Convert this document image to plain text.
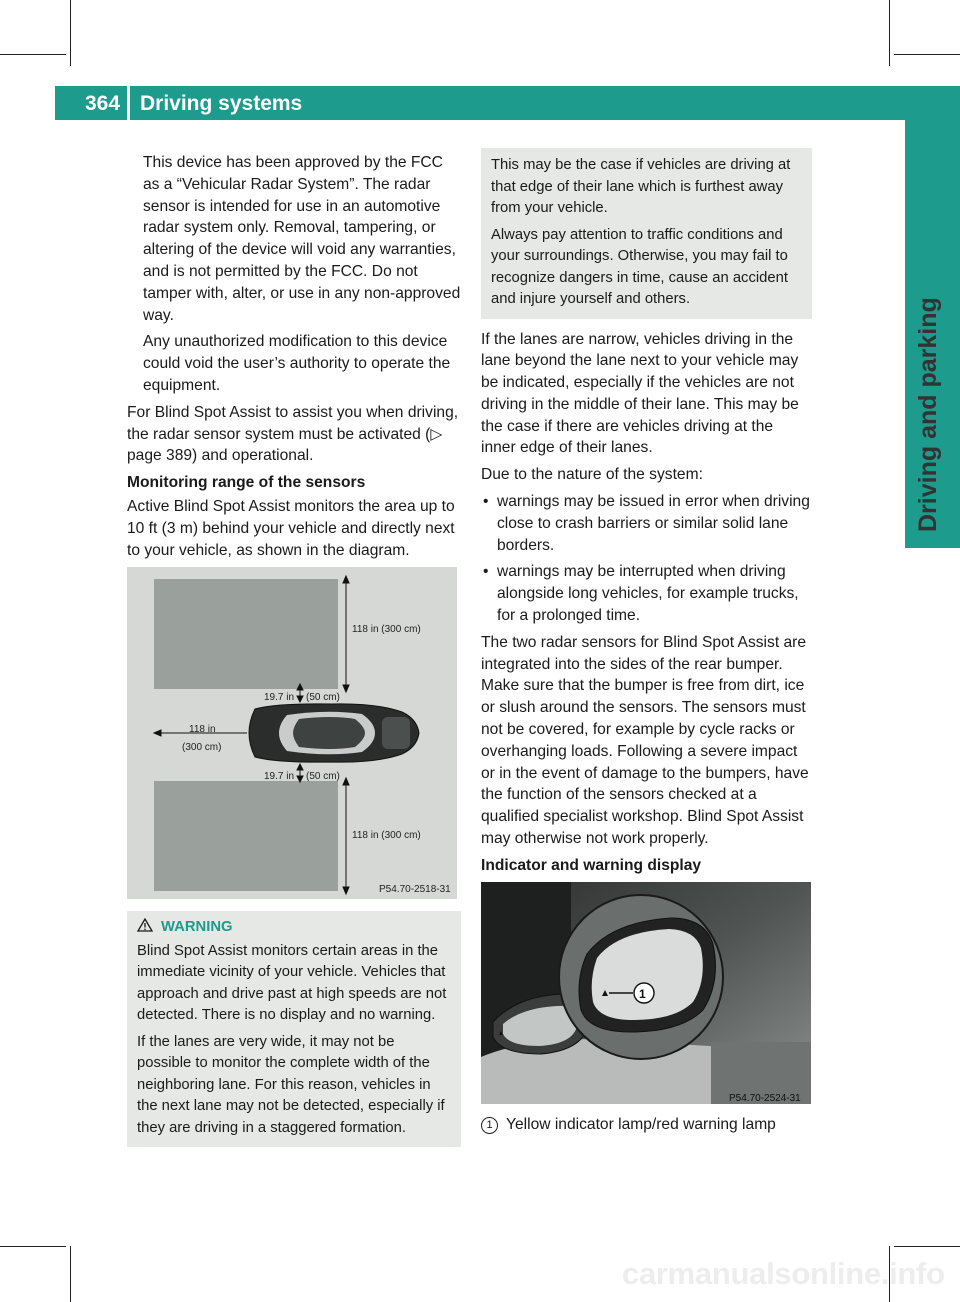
364 Driving systems
Driving and parking

This device has been approved by the FCC as a “Vehicular Radar System”. The radar sensor is intended for use in an automotive radar system only. Removal, tampering, or altering of the device will void any warranties, and is not permitted by the FCC. Do not tamper with, alter, or use in any non-approved way.

Any unauthorized modification to this device could void the user’s authority to operate the equipment.

For Blind Spot Assist to assist you when driving, the radar sensor system must be activated (▷ page 389) and operational.

Monitoring range of the sensors

Active Blind Spot Assist monitors the area up to 10 ft (3 m) behind your vehicle and directly next to your vehicle, as shown in the diagram.

118 in (300 cm)
19.7 in (50 cm)
118 in
(300 cm)
19.7 in (50 cm)
118 in (300 cm)
P54.70-2518-31

WARNING

Blind Spot Assist monitors certain areas in the immediate vicinity of your vehicle. Vehicles that approach and drive past at high speeds are not detected. There is no display and no warning.

If the lanes are very wide, it may not be possible to monitor the complete width of the neighboring lane. For this reason, vehicles in the next lane may not be detected, especially if they are driving in a staggered formation.

This may be the case if vehicles are driving at that edge of their lane which is furthest away from your vehicle.

Always pay attention to traffic conditions and your surroundings. Otherwise, you may fail to recognize dangers in time, cause an accident and injure yourself and others.

If the lanes are narrow, vehicles driving in the lane beyond the lane next to your vehicle may be indicated, especially if the vehicles are not driving in the middle of their lane. This may be the case if there are vehicles driving at the inner edge of their lanes.

Due to the nature of the system:

• warnings may be issued in error when driving close to crash barriers or similar solid lane borders.

• warnings may be interrupted when driving alongside long vehicles, for example trucks, for a prolonged time.

The two radar sensors for Blind Spot Assist are integrated into the sides of the rear bumper. Make sure that the bumper is free from dirt, ice or slush around the sensors. The sensors must not be covered, for example by cycle racks or overhanging loads. Following a severe impact or in the event of damage to the bumpers, have the function of the sensors checked at a qualified specialist workshop. Blind Spot Assist may otherwise not work properly.

Indicator and warning display

1
P54.70-2524-31

1 Yellow indicator lamp/red warning lamp

carmanualsonline.info
